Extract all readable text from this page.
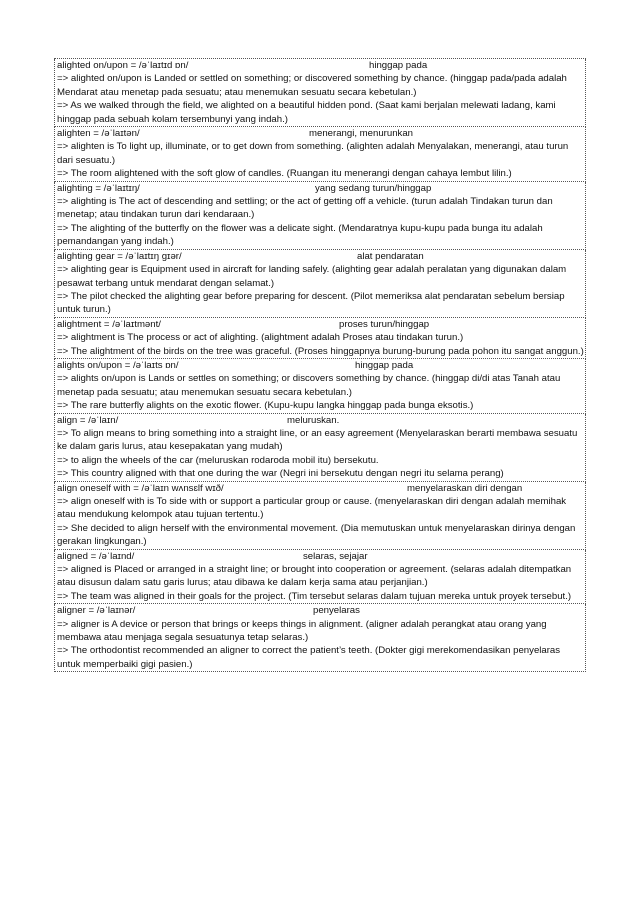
alighted on/upon = /əˈlaɪtɪd ɒn/	hinggap pada
=> alighted on/upon is Landed or settled on something; or discovered something by chance. (hinggap pada/pada adalah Mendarat atau menetap pada sesuatu; atau menemukan sesuatu secara kebetulan.)
=> As we walked through the field, we alighted on a beautiful hidden pond. (Saat kami berjalan melewati ladang, kami hinggap pada sebuah kolam tersembunyi yang indah.)
alighten = /əˈlaɪtən/	menerangi, menurunkan
=> alighten is To light up, illuminate, or to get down from something. (alighten adalah Menyalakan, menerangi, atau turun dari sesuatu.)
=> The room alightened with the soft glow of candles. (Ruangan itu menerangi dengan cahaya lembut lilin.)
alighting = /əˈlaɪtɪŋ/	yang sedang turun/hinggap
=> alighting is The act of descending and settling; or the act of getting off a vehicle. (turun adalah Tindakan turun dan menetap; atau tindakan turun dari kendaraan.)
=> The alighting of the butterfly on the flower was a delicate sight. (Mendaratnya kupu-kupu pada bunga itu adalah pemandangan yang indah.)
alighting gear = /əˈlaɪtɪŋ ɡɪər/	alat pendaratan
=> alighting gear is Equipment used in aircraft for landing safely. (alighting gear adalah peralatan yang digunakan dalam pesawat terbang untuk mendarat dengan selamat.)
=> The pilot checked the alighting gear before preparing for descent. (Pilot memeriksa alat pendaratan sebelum bersiap untuk turun.)
alightment = /əˈlaɪtmənt/	proses turun/hinggap
=> alightment is The process or act of alighting. (alightment adalah Proses atau tindakan turun.)
=> The alightment of the birds on the tree was graceful. (Proses hinggapnya burung-burung pada pohon itu sangat anggun.)
alights on/upon = /əˈlaɪts ɒn/	hinggap pada
=> alights on/upon is Lands or settles on something; or discovers something by chance. (hinggap di/di atas Tanah atau menetap pada sesuatu; atau menemukan sesuatu secara kebetulan.)
=> The rare butterfly alights on the exotic flower. (Kupu-kupu langka hinggap pada bunga eksotis.)
align = /əˈlaɪn/	meluruskan.
=> To align means to bring something into a straight line, or an easy agreement (Menyelaraskan berarti membawa sesuatu ke dalam garis lurus, atau kesepakatan yang mudah)
=> to align the wheels of the car (meluruskan rodaroda mobil itu) bersekutu.
=> This country aligned with that one during the war (Negri ini bersekutu dengan negri itu selama perang)
align oneself with = /əˈlaɪn wʌnsɛlf wɪð/	menyelaraskan diri dengan
=> align oneself with is To side with or support a particular group or cause. (menyelaraskan diri dengan adalah memihak atau mendukung kelompok atau tujuan tertentu.)
=> She decided to align herself with the environmental movement. (Dia memutuskan untuk menyelaraskan dirinya dengan gerakan lingkungan.)
aligned = /əˈlaɪnd/	selaras, sejajar
=> aligned is Placed or arranged in a straight line; or brought into cooperation or agreement. (selaras adalah ditempatkan atau disusun dalam satu garis lurus; atau dibawa ke dalam kerja sama atau perjanjian.)
=> The team was aligned in their goals for the project. (Tim tersebut selaras dalam tujuan mereka untuk proyek tersebut.)
aligner = /əˈlaɪnər/	penyelaras
=> aligner is A device or person that brings or keeps things in alignment. (aligner adalah perangkat atau orang yang membawa atau menjaga segala sesuatunya tetap selaras.)
=> The orthodontist recommended an aligner to correct the patient’s teeth. (Dokter gigi merekomendasikan penyelaras untuk memperbaiki gigi pasien.)
